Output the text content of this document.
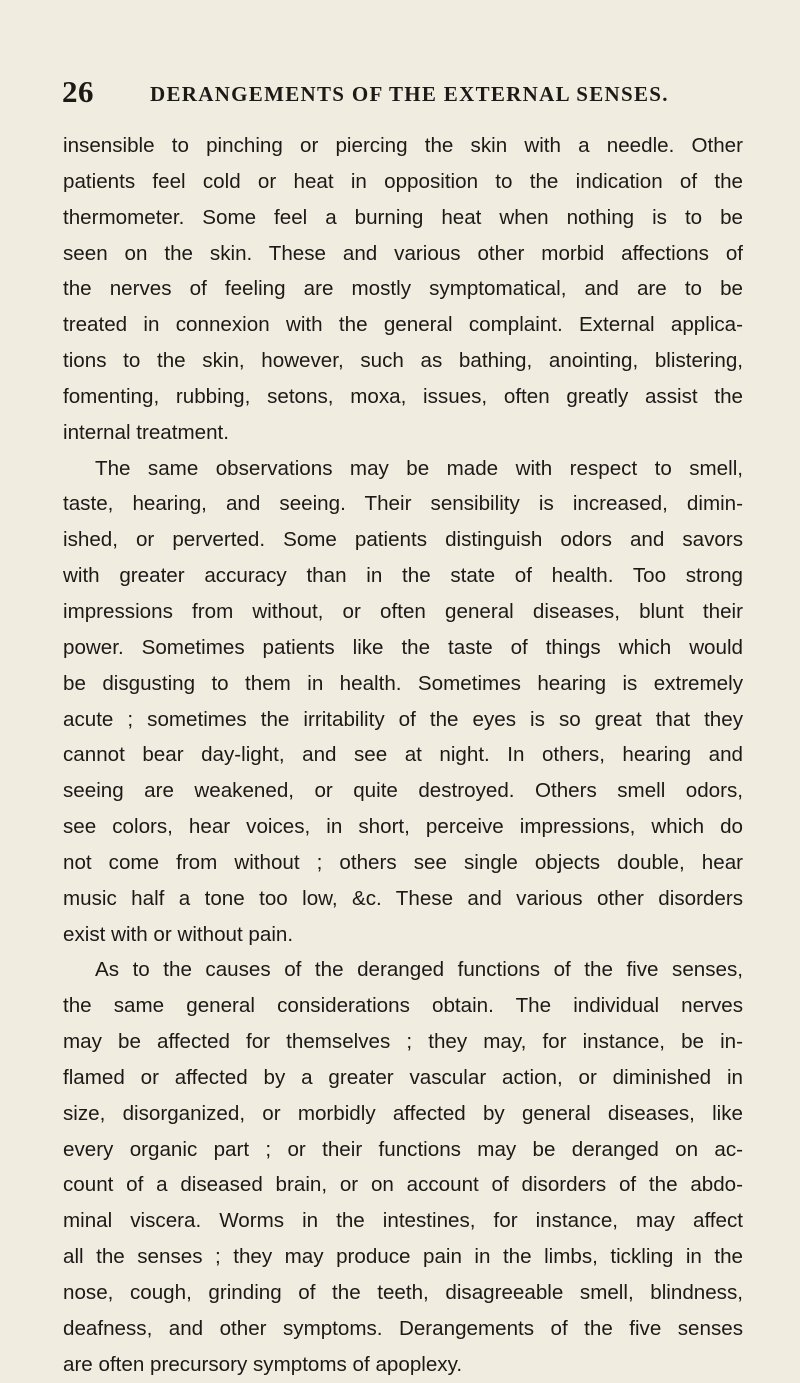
26	DERANGEMENTS OF THE EXTERNAL SENSES.
insensible to pinching or piercing the skin with a needle. Other
patients feel cold or heat in opposition to the indication of the
thermometer. Some feel a burning heat when nothing is to be
seen on the skin. These and various other morbid affections of
the nerves of feeling are mostly symptomatical, and are to be
treated in connexion with the general complaint. External applica-
tions to the skin, however, such as bathing, anointing, blistering,
fomenting, rubbing, setons, moxa, issues, often greatly assist the
internal treatment.
The same observations may be made with respect to smell,
taste, hearing, and seeing. Their sensibility is increased, dimin-
ished, or perverted. Some patients distinguish odors and savors
with greater accuracy than in the state of health. Too strong
impressions from without, or often general diseases, blunt their
power. Sometimes patients like the taste of things which would
be disgusting to them in health. Sometimes hearing is extremely
acute ; sometimes the irritability of the eyes is so great that they
cannot bear day-light, and see at night. In others, hearing and
seeing are weakened, or quite destroyed. Others smell odors,
see colors, hear voices, in short, perceive impressions, which do
not come from without ; others see single objects double, hear
music half a tone too low, &c. These and various other disorders
exist with or without pain.
As to the causes of the deranged functions of the five senses,
the same general considerations obtain. The individual nerves
may be affected for themselves ; they may, for instance, be in-
flamed or affected by a greater vascular action, or diminished in
size, disorganized, or morbidly affected by general diseases, like
every organic part ; or their functions may be deranged on ac-
count of a diseased brain, or on account of disorders of the abdo-
minal viscera. Worms in the intestines, for instance, may affect
all the senses ; they may produce pain in the limbs, tickling in the
nose, cough, grinding of the teeth, disagreeable smell, blindness,
deafness, and other symptoms. Derangements of the five senses
are often precursory symptoms of apoplexy.
